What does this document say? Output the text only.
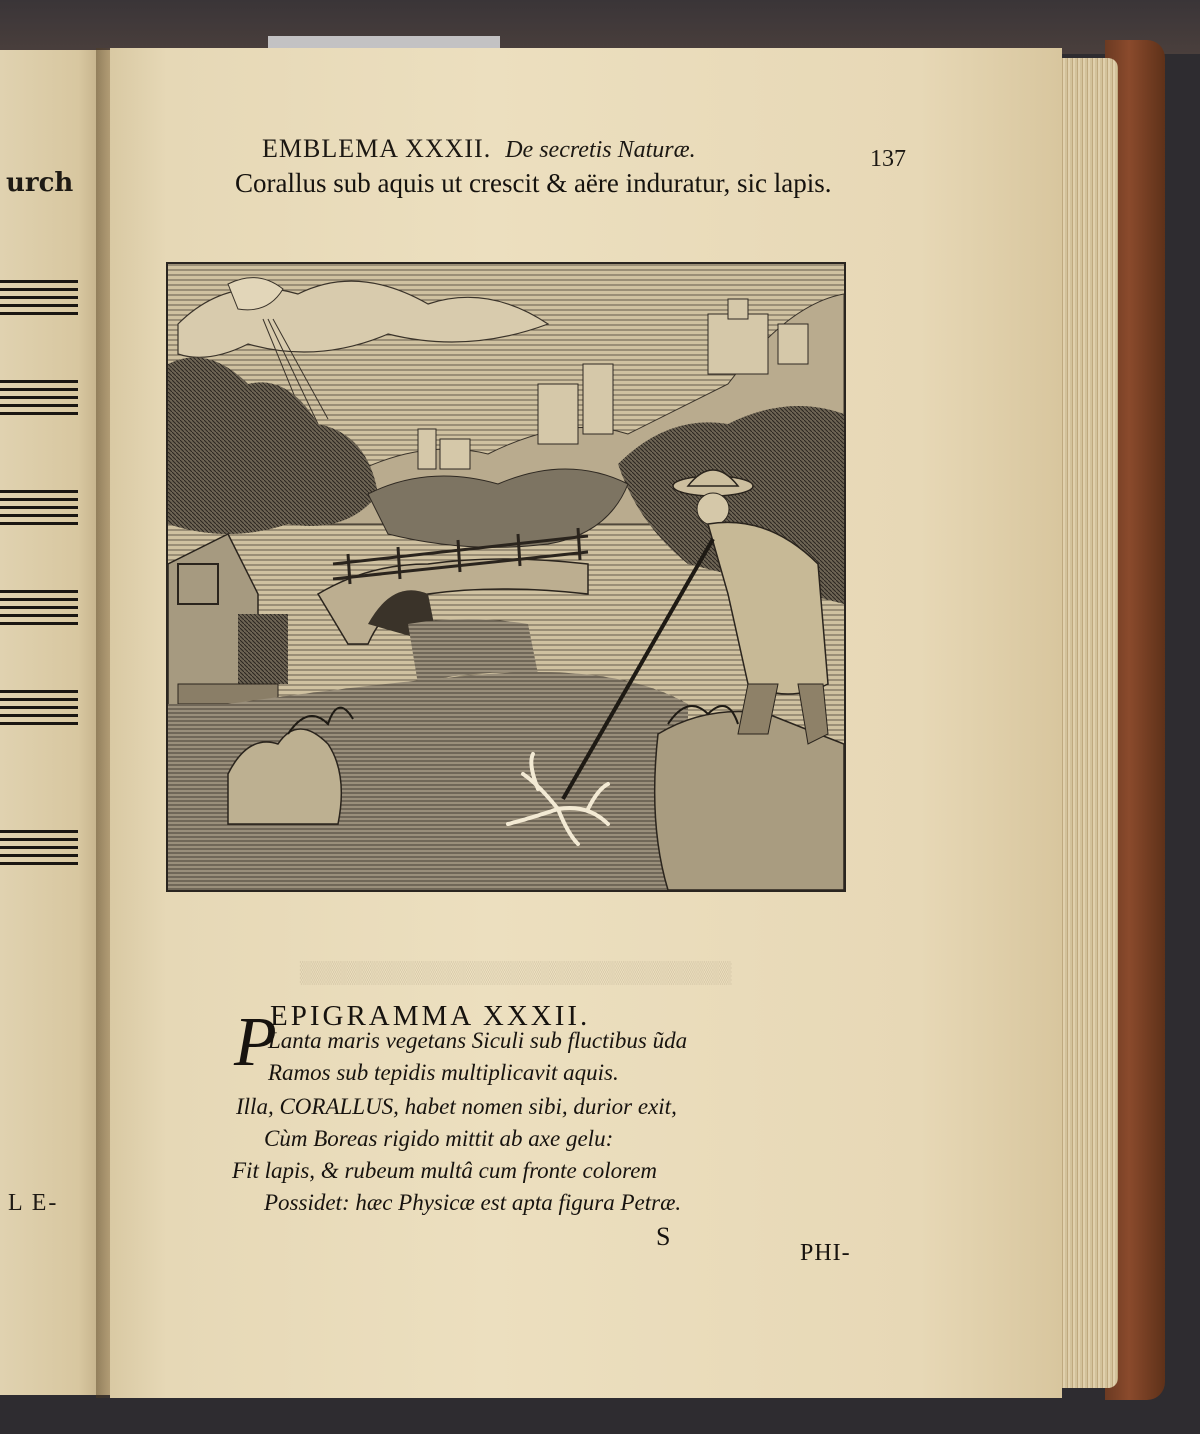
urch
L E-
EMBLEMA XXXII. De secretis Naturæ.	137
Corallus sub aquis ut crescit & aëre induratur, sic lapis.
▒▒▒▒▒▒▒▒▒▒▒▒▒▒▒▒▒▒▒▒▒▒▒▒▒▒▒▒▒
P
EPIGRAMMA XXXII.
Lanta maris vegetans Siculi sub fluctibus ũda
Ramos sub tepidis multiplicavit aquis.
Illa, CORALLUS, habet nomen sibi, durior exit,
Cùm Boreas rigido mittit ab axe gelu:
Fit lapis, & rubeum multâ cum fronte colorem
Possidet: hæc Physicæ est apta figura Petræ.
S
PHI-
